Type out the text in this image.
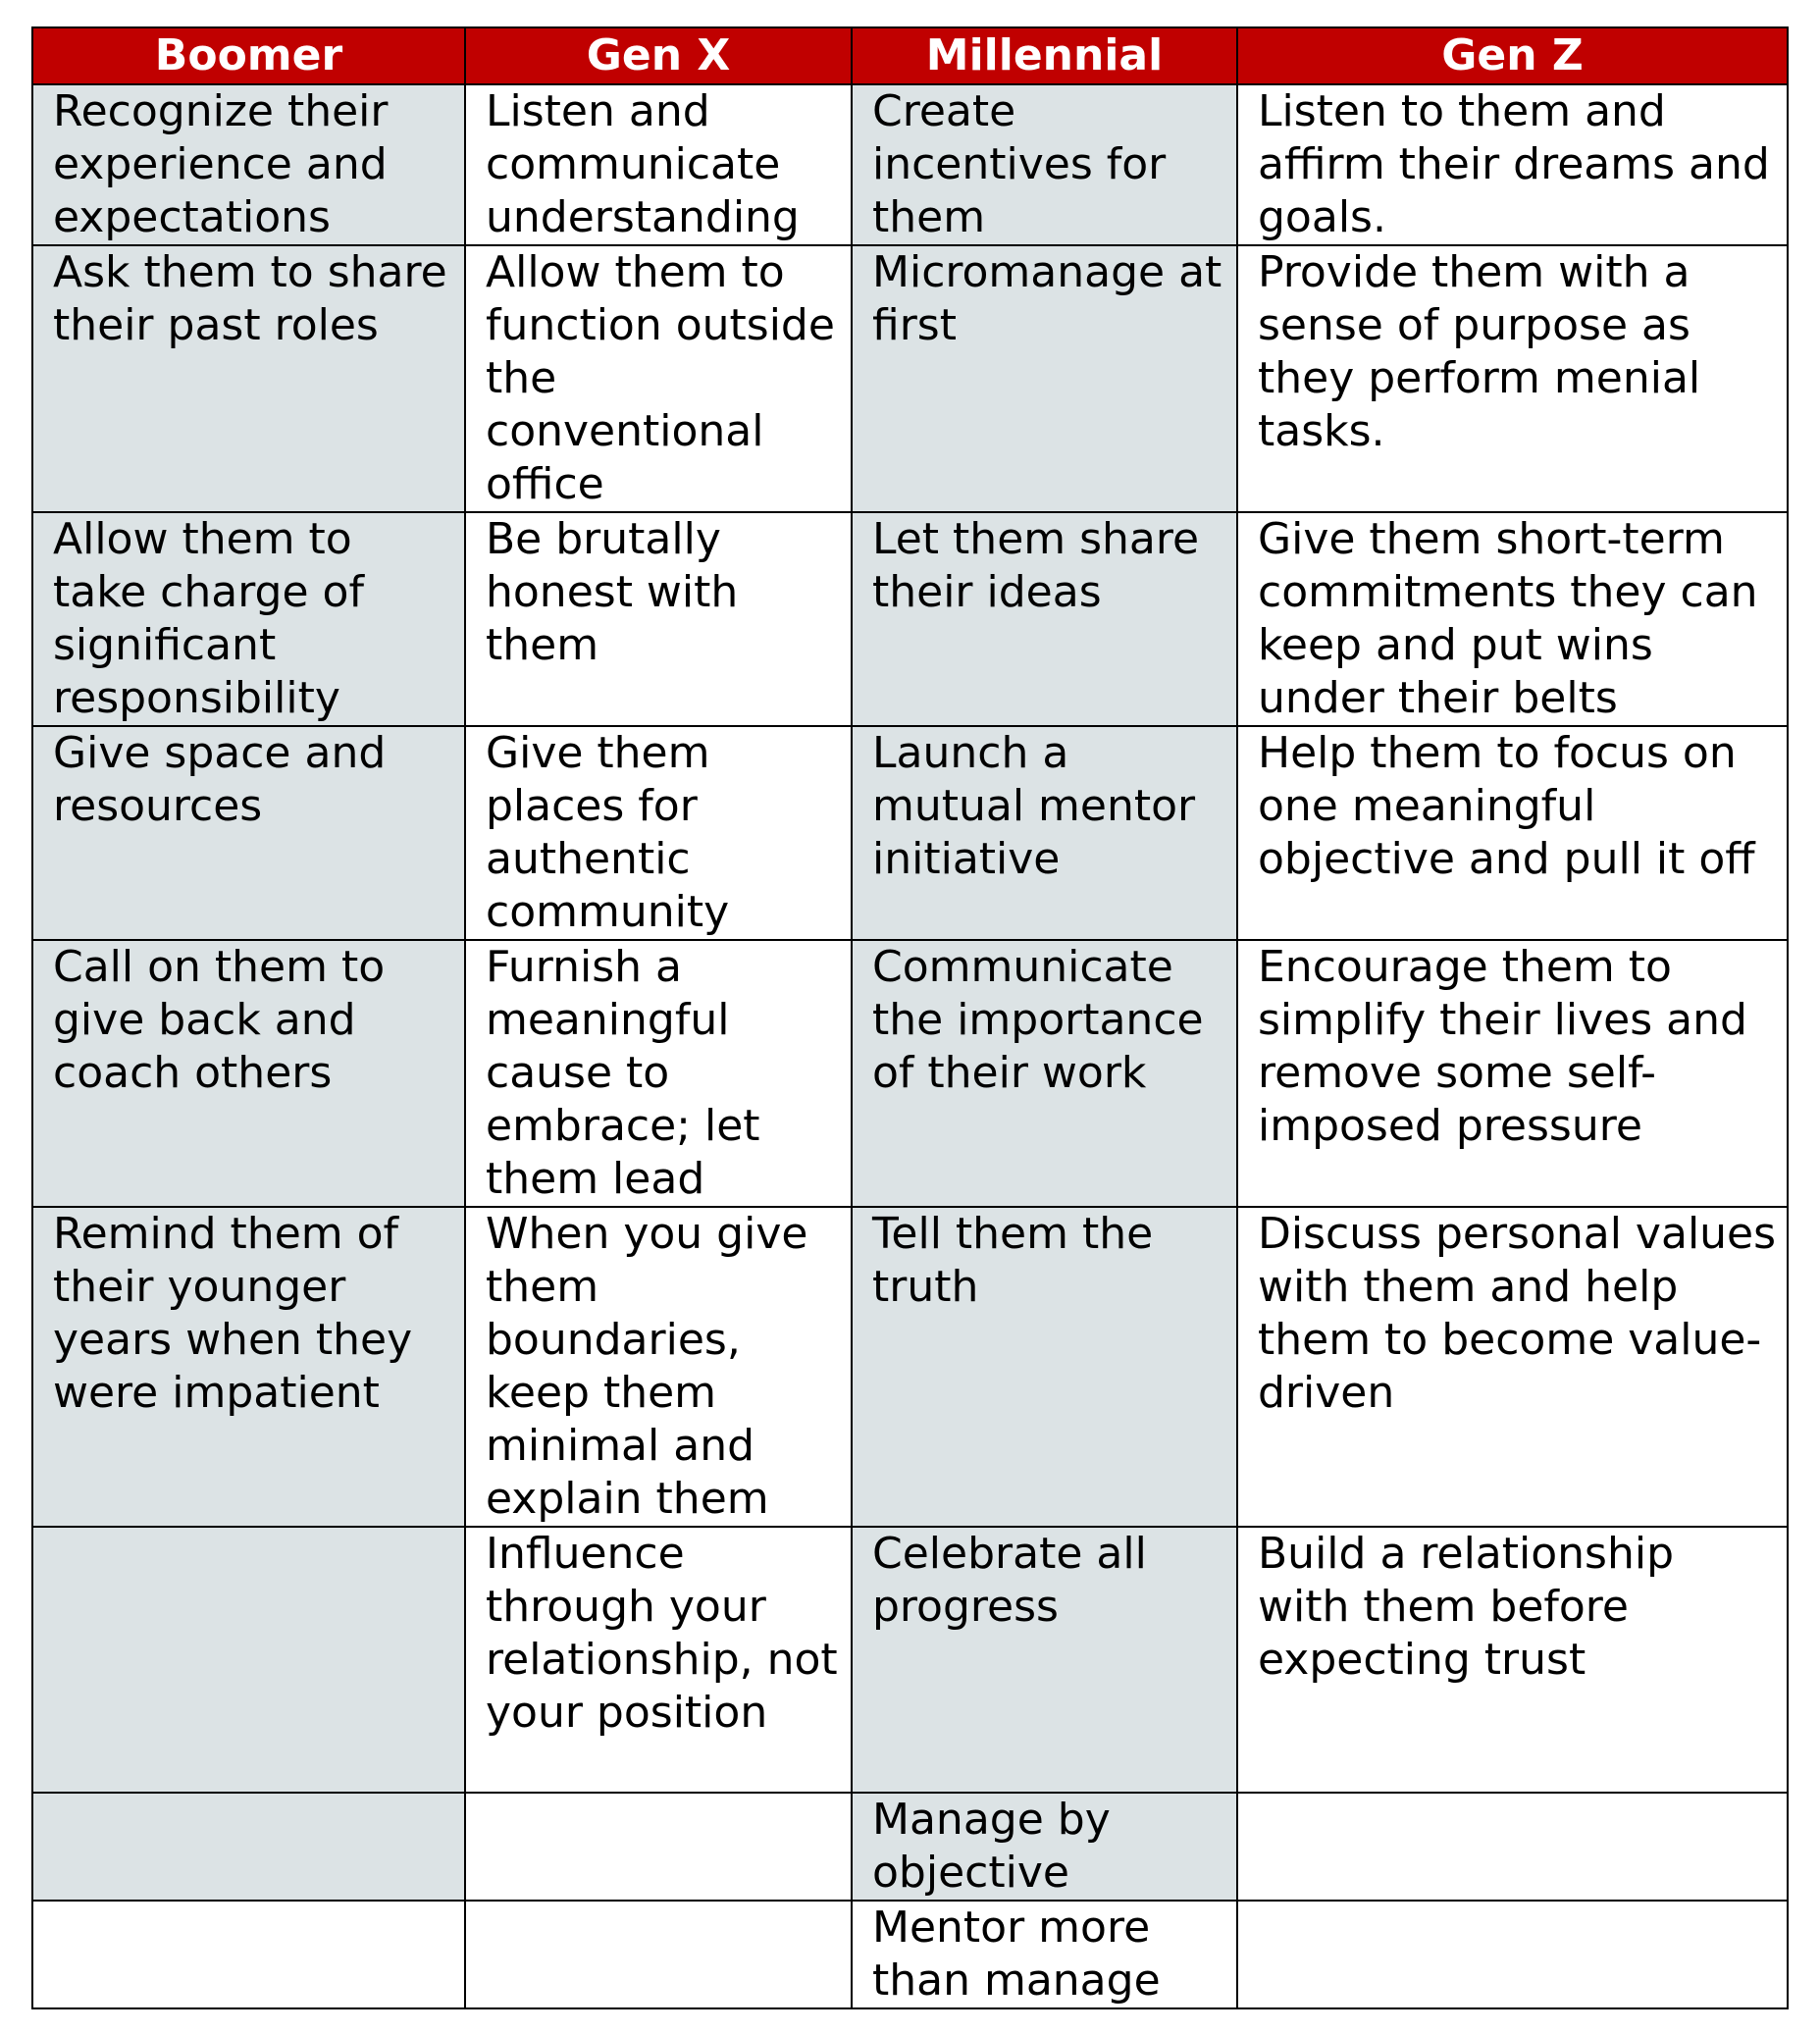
Boomer	Gen X	Millennial	Gen Z
Recognize their experience and expectations	Listen and communicate understanding	Create incentives for them	Listen to them and affirm their dreams and goals.
Ask them to share their past roles	Allow them to function outside the conventional office	Micromanage at first	Provide them with a sense of purpose as they perform menial tasks.
Allow them to take charge of significant responsibility	Be brutally honest with them	Let them share their ideas	Give them short-term commitments they can keep and put wins under their belts
Give space and resources	Give them places for authentic community	Launch a mutual mentor initiative	Help them to focus on one meaningful objective and pull it off
Call on them to give back and coach others	Furnish a meaningful cause to embrace; let them lead	Communicate the importance of their work	Encourage them to simplify their lives and remove some self-imposed pressure
Remind them of their younger years when they were impatient	When you give them boundaries, keep them minimal and explain them	Tell them the truth	Discuss personal values with them and help them to become value-driven
	Influence through your relationship, not your position	Celebrate all progress	Build a relationship with them before expecting trust
		Manage by objective	
		Mentor more than manage	
